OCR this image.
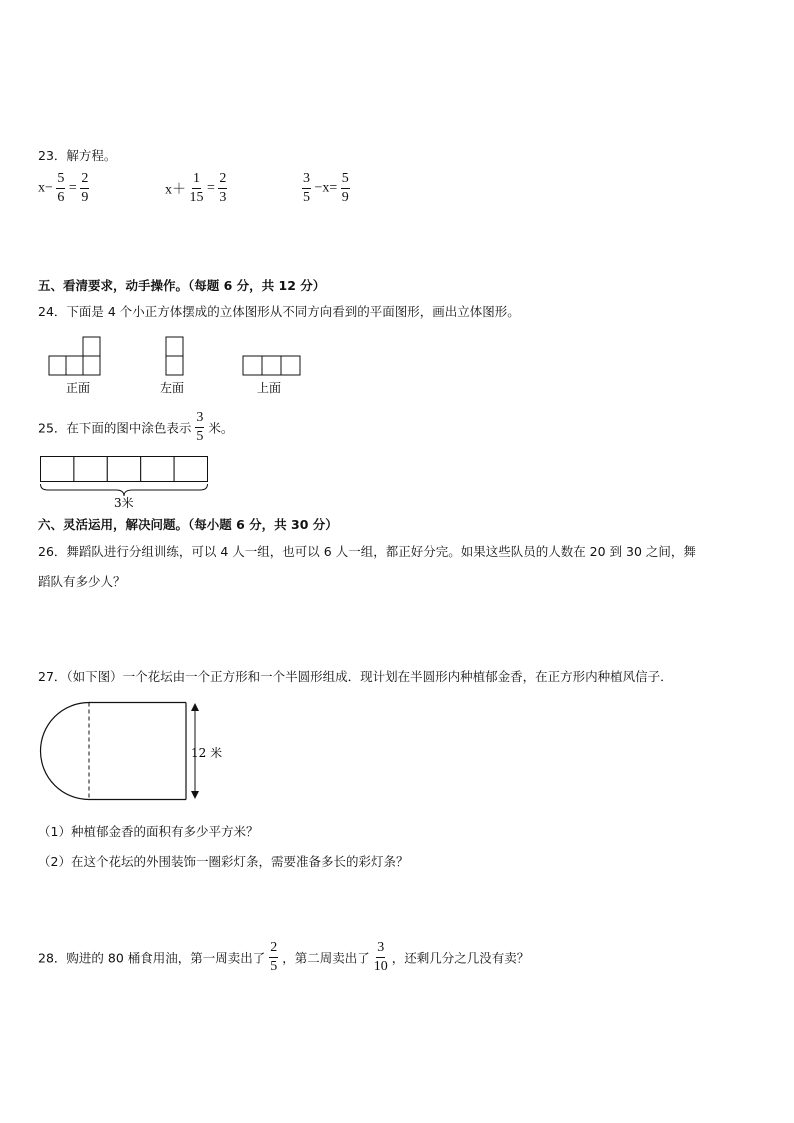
23．解方程。
$x- \frac{5}{6} = \frac{2}{9}$	$x+ \frac{1}{15} = \frac{2}{3}$	$\frac{3}{5} -x= \frac{5}{9}$
五、看清要求，动手操作。（每题 6 分，共 12 分）
24．下面是 4 个小正方体摆成的立体图形从不同方向看到的平面图形，画出立体图形。
正面	左面	上面
25．在下面的图中涂色表示 $\frac{3}{5}$ 米。
3米
六、灵活运用，解决问题。（每小题 6 分，共 30 分）
26．舞蹈队进行分组训练，可以 4 人一组，也可以 6 人一组，都正好分完。如果这些队员的人数在 20 到 30 之间，舞
蹈队有多少人？
27．（如下图）一个花坛由一个正方形和一个半圆形组成．现计划在半圆形内种植郁金香，在正方形内种植风信子．
12 米
（1）种植郁金香的面积有多少平方米？
（2）在这个花坛的外围装饰一圈彩灯条，需要准备多长的彩灯条？
28．购进的 80 桶食用油，第一周卖出了 $\frac{2}{5}$ ，第二周卖出了 $\frac{3}{10}$ ，还剩几分之几没有卖？
